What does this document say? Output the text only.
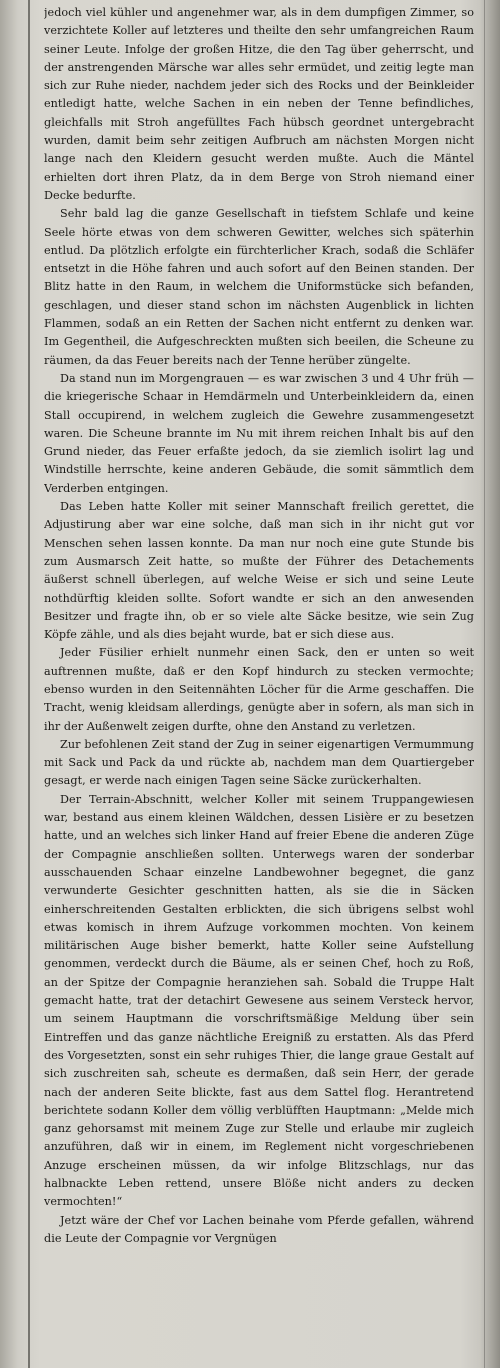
jedoch viel kühler und angenehmer war, als in dem dumpfigen Zimmer, so verzichtete Koller auf letzteres und theilte den sehr umfangreichen Raum seiner Leute. Infolge der großen Hitze, die den Tag über geherrscht, und der anstrengenden Märsche war alles sehr ermüdet, und zeitig legte man sich zur Ruhe nieder, nachdem jeder sich des Rocks und der Beinkleider entledigt hatte, welche Sachen in ein neben der Tenne befindliches, gleichfalls mit Stroh angefülltes Fach hübsch geordnet untergebracht wurden, damit beim sehr zeitigen Aufbruch am nächsten Morgen nicht lange nach den Kleidern gesucht werden mußte. Auch die Mäntel erhielten dort ihren Platz, da in dem Berge von Stroh niemand einer Decke bedurfte.

Sehr bald lag die ganze Gesellschaft in tiefstem Schlafe und keine Seele hörte etwas von dem schweren Gewitter, welches sich späterhin entlud. Da plötzlich erfolgte ein fürchterlicher Krach, sodaß die Schläfer entsetzt in die Höhe fahren und auch sofort auf den Beinen standen. Der Blitz hatte in den Raum, in welchem die Uniformstücke sich befanden, geschlagen, und dieser stand schon im nächsten Augenblick in lichten Flammen, sodaß an ein Retten der Sachen nicht entfernt zu denken war. Im Gegentheil, die Aufgeschreckten mußten sich beeilen, die Scheune zu räumen, da das Feuer bereits nach der Tenne herüber züngelte.

Da stand nun im Morgengrauen — es war zwischen 3 und 4 Uhr früh — die kriegerische Schaar in Hemdärmeln und Unterbeinkleidern da, einen Stall occupirend, in welchem zugleich die Gewehre zusammengesetzt waren. Die Scheune brannte im Nu mit ihrem reichen Inhalt bis auf den Grund nieder, das Feuer erfaßte jedoch, da sie ziemlich isolirt lag und Windstille herrschte, keine anderen Gebäude, die somit sämmtlich dem Verderben entgingen.

Das Leben hatte Koller mit seiner Mannschaft freilich gerettet, die Adjustirung aber war eine solche, daß man sich in ihr nicht gut vor Menschen sehen lassen konnte. Da man nur noch eine gute Stunde bis zum Ausmarsch Zeit hatte, so mußte der Führer des Detachements äußerst schnell überlegen, auf welche Weise er sich und seine Leute nothdürftig kleiden sollte. Sofort wandte er sich an den anwesenden Besitzer und fragte ihn, ob er so viele alte Säcke besitze, wie sein Zug Köpfe zähle, und als dies bejaht wurde, bat er sich diese aus.

Jeder Füsilier erhielt nunmehr einen Sack, den er unten so weit auftrennen mußte, daß er den Kopf hindurch zu stecken vermochte; ebenso wurden in den Seitennähten Löcher für die Arme geschaffen. Die Tracht, wenig kleidsam allerdings, genügte aber in sofern, als man sich in ihr der Außenwelt zeigen durfte, ohne den Anstand zu verletzen.

Zur befohlenen Zeit stand der Zug in seiner eigenartigen Vermummung mit Sack und Pack da und rückte ab, nachdem man dem Quartiergeber gesagt, er werde nach einigen Tagen seine Säcke zurückerhalten.

Der Terrain-Abschnitt, welcher Koller mit seinem Truppangewiesen war, bestand aus einem kleinen Wäldchen, dessen Lisière er zu besetzen hatte, und an welches sich linker Hand auf freier Ebene die anderen Züge der Compagnie anschließen sollten. Unterwegs waren der sonderbar ausschauenden Schaar einzelne Landbewohner begegnet, die ganz verwunderte Gesichter geschnitten hatten, als sie die in Säcken einherschreitenden Gestalten erblickten, die sich übrigens selbst wohl etwas komisch in ihrem Aufzuge vorkommen mochten. Von keinem militärischen Auge bisher bemerkt, hatte Koller seine Aufstellung genommen, verdeckt durch die Bäume, als er seinen Chef, hoch zu Roß, an der Spitze der Compagnie heranziehen sah. Sobald die Truppe Halt gemacht hatte, trat der detachirt Gewesene aus seinem Versteck hervor, um seinem Hauptmann die vorschriftsmäßige Meldung über sein Eintreffen und das ganze nächtliche Ereigniß zu erstatten. Als das Pferd des Vorgesetzten, sonst ein sehr ruhiges Thier, die lange graue Gestalt auf sich zuschreiten sah, scheute es dermaßen, daß sein Herr, der gerade nach der anderen Seite blickte, fast aus dem Sattel flog. Herantretend berichtete sodann Koller dem völlig verblüfften Hauptmann: „Melde mich ganz gehorsamst mit meinem Zuge zur Stelle und erlaube mir zugleich anzuführen, daß wir in einem, im Reglement nicht vorgeschriebenen Anzuge erscheinen müssen, da wir infolge Blitzschlags, nur das halbnackte Leben rettend, unsere Blöße nicht anders zu decken vermochten!“

Jetzt wäre der Chef vor Lachen beinahe vom Pferde gefallen, während die Leute der Compagnie vor Vergnügen
